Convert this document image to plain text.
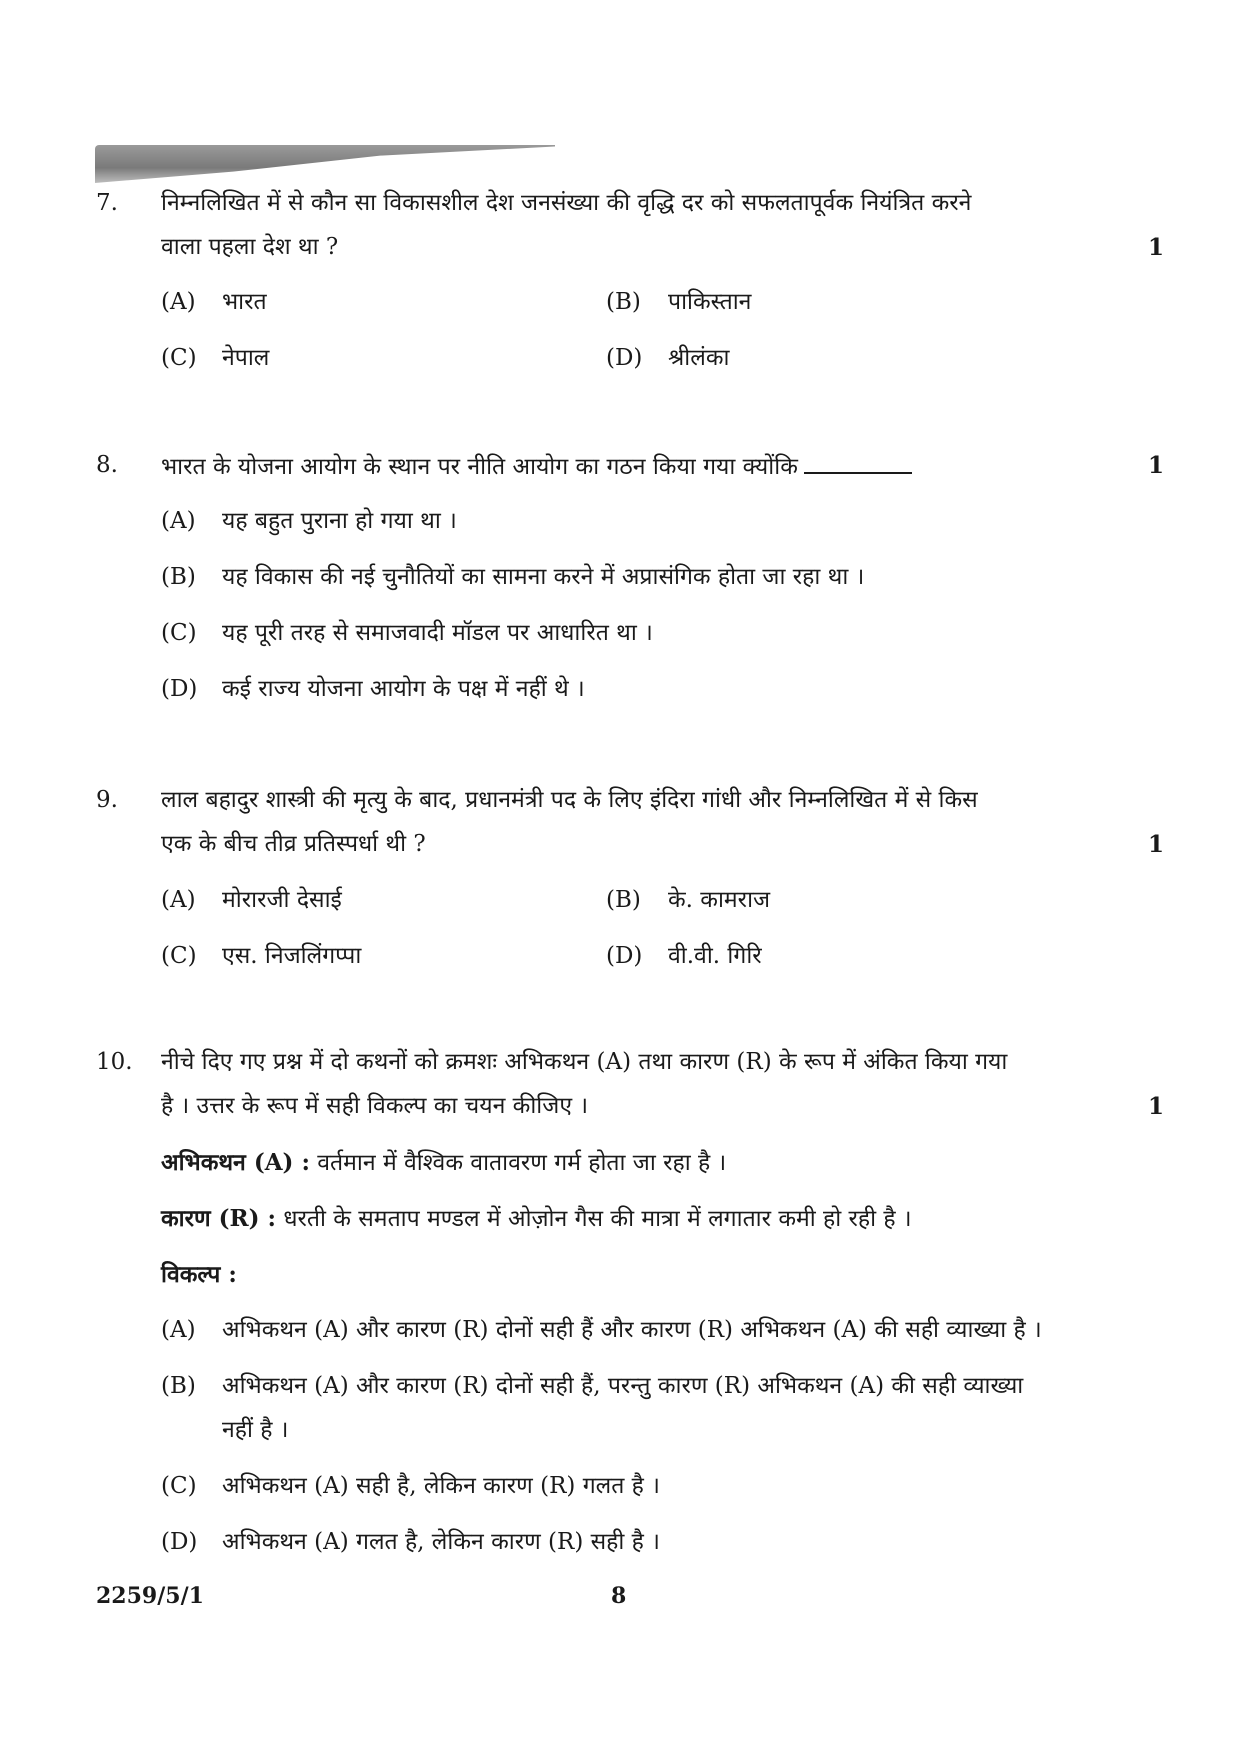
7.	निम्नलिखित में से कौन सा विकासशील देश जनसंख्या की वृद्धि दर को सफलतापूर्वक नियंत्रित करने
वाला पहला देश था ?	1
(A)	भारत	(B)	पाकिस्तान
(C)	नेपाल	(D)	श्रीलंका
8.	भारत के योजना आयोग के स्थान पर नीति आयोग का गठन किया गया क्योंकि	1
(A)	यह बहुत पुराना हो गया था ।
(B)	यह विकास की नई चुनौतियों का सामना करने में अप्रासंगिक होता जा रहा था ।
(C)	यह पूरी तरह से समाजवादी मॉडल पर आधारित था ।
(D)	कई राज्य योजना आयोग के पक्ष में नहीं थे ।
9.	लाल बहादुर शास्त्री की मृत्यु के बाद, प्रधानमंत्री पद के लिए इंदिरा गांधी और निम्नलिखित में से किस
एक के बीच तीव्र प्रतिस्पर्धा थी ?	1
(A)	मोरारजी देसाई	(B)	के. कामराज
(C)	एस. निजलिंगप्पा	(D)	वी.वी. गिरि
10. नीचे दिए गए प्रश्न में दो कथनों को क्रमशः अभिकथन (A) तथा कारण (R) के रूप में अंकित किया गया
है । उत्तर के रूप में सही विकल्प का चयन कीजिए ।	1
अभिकथन (A) : वर्तमान में वैश्विक वातावरण गर्म होता जा रहा है ।
कारण (R) : धरती के समताप मण्डल में ओज़ोन गैस की मात्रा में लगातार कमी हो रही है ।
विकल्प :
(A)	अभिकथन (A) और कारण (R) दोनों सही हैं और कारण (R) अभिकथन (A) की सही व्याख्या है ।
(B)	अभिकथन (A) और कारण (R) दोनों सही हैं, परन्तु कारण (R) अभिकथन (A) की सही व्याख्या
नहीं है ।
(C)	अभिकथन (A) सही है, लेकिन कारण (R) गलत है ।
(D)	अभिकथन (A) गलत है, लेकिन कारण (R) सही है ।
2259/5/1	8
